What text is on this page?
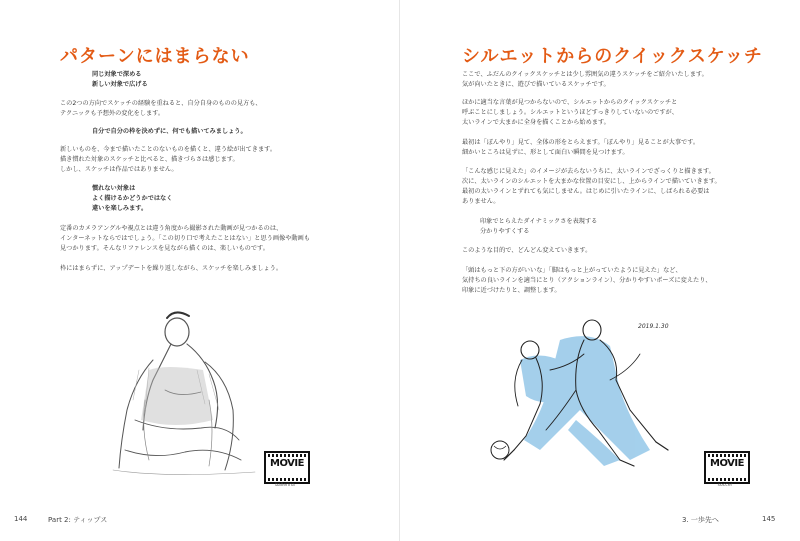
パターンにはまらない
同じ対象で深める
新しい対象で広げる
この2つの方向でスケッチの経験を重ねると、自分自身のものの見方も、
テクニックも予想外の変化をします。
自分で自分の枠を決めずに、何でも描いてみましょう。
新しいものを、今まで描いたことのないものを描くと、違う絵が出てきます。
描き慣れた対象のスケッチと比べると、描きづらさは感じます。
しかし、スケッチは作品ではありません。
慣れない対象は
よく描けるかどうかではなく
違いを楽しみます。
定番のカメラアングルや視点とは違う角度から撮影された動画が見つかるのは、
インターネットならではでしょう。「この切り口で考えたことはない」と思う画像や動画も
見つかります。そんなリファレンスを見ながら描くのは、楽しいものです。
枠にはまらずに、アップデートを繰り返しながら、スケッチを楽しみましょう。
MOVIE
ballerina
144	Part 2: ティップス
シルエットからのクイックスケッチ
ここで、ふだんのクイックスケッチとは少し雰囲気の違うスケッチをご紹介いたします。
気が向いたときに、遊びで描いているスケッチです。
ほかに適当な言葉が見つからないので、シルエットからのクイックスケッチと
呼ぶことにしましょう。シルエットというほどすっきりしていないのですが、
太いラインで大まかに全身を描くことから始めます。
最初は「ぼんやり」見て、全体の形をとらえます。「ぼんやり」見ることが大事です。
細かいところは見ずに、形として面白い瞬間を見つけます。
「こんな感じに見えた」のイメージが去らないうちに、太いラインでざっくりと描きます。
次に、太いラインのシルエットを大まかな位置の目安にし、上からラインで描いていきます。
最初の太いラインとずれても気にしません。はじめに引いたラインに、しばられる必要は
ありません。
印象でとらえたダイナミックさを表現する
分かりやすくする
このような目的で、どんどん変えていきます。
「頭はもっと下の方がいいな」「脚はもっと上がっていたように見えた」など、
気持ちの良いラインを適当にとり（アクションライン）、分かりやすいポーズに変えたり、
印象に近づけたりと、調整します。
2019.1.30
MOVIE
soccer
3. 一歩先へ	145
